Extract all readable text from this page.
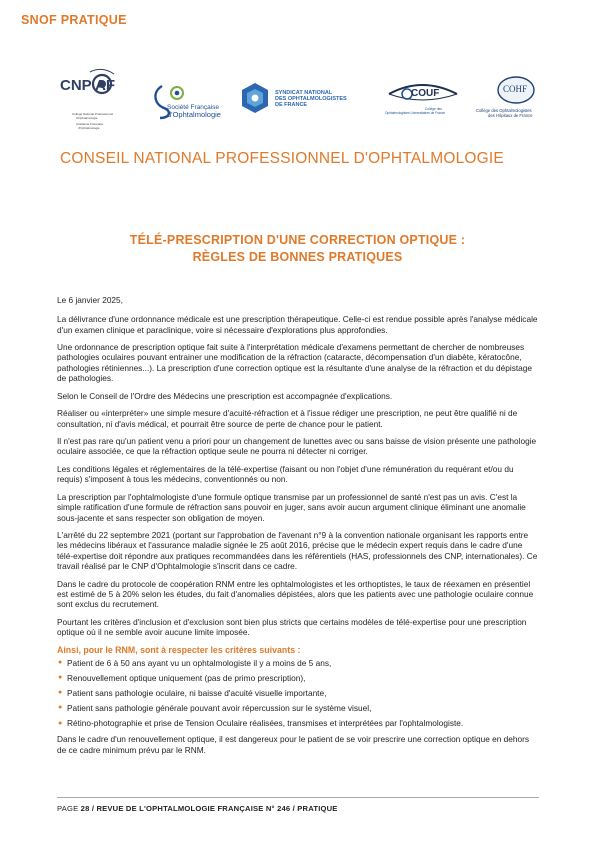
SNOF PRATIQUE
CNP AF
Collège National Professionnel
d'Ophtalmologie
Académie Française
d'Ophtalmologie
Société Française
d'Ophtalmologie
SYNDICAT NATIONAL
DES OPHTALMOLOGISTES
DE FRANCE
COUF
Collège des
Ophtalmologistes Universitaires de France
COHF
Collège des Ophtalmologistes
des Hôpitaux de France
CONSEIL NATIONAL PROFESSIONNEL D'OPHTALMOLOGIE
TÉLÉ-PRESCRIPTION D'UNE CORRECTION OPTIQUE :
RÈGLES DE BONNES PRATIQUES

Le 6 janvier 2025,

La délivrance d'une ordonnance médicale est une prescription thérapeutique. Celle-ci est rendue possible après l'analyse médicale d'un examen clinique et paraclinique, voire si nécessaire d'explorations plus approfondies.

Une ordonnance de prescription optique fait suite à l'interprétation médicale d'examens permettant de chercher de nombreuses pathologies oculaires pouvant entrainer une modification de la réfraction (cataracte, décompensation d'un diabète, kératocône, pathologies rétiniennes...). La prescription d'une correction optique est la résultante d'une analyse de la réfraction et du dépistage de pathologies.

Selon le Conseil de l'Ordre des Médecins une prescription est accompagnée d'explications.

Réaliser ou «interpréter» une simple mesure d'acuité-réfraction et à l'issue rédiger une prescription, ne peut être qualifié ni de consultation, ni d'avis médical, et pourrait être source de perte de chance pour le patient.

Il n'est pas rare qu'un patient venu a priori pour un changement de lunettes avec ou sans baisse de vision présente une pathologie oculaire associée, ce que la réfraction optique seule ne pourra ni détecter ni corriger.

Les conditions légales et réglementaires de la télé-expertise (faisant ou non l'objet d'une rémunération du requérant et/ou du requis) s'imposent à tous les médecins, conventionnés ou non.

La prescription par l'ophtalmologiste d'une formule optique transmise par un professionnel de santé n'est pas un avis. C'est la simple ratification d'une formule de réfraction sans pouvoir en juger, sans avoir aucun argument clinique éliminant une anomalie sous-jacente et sans respecter son obligation de moyen.

L'arrêté du 22 septembre 2021 (portant sur l'approbation de l'avenant n°9 à la convention nationale organisant les rapports entre les médecins libéraux et l'assurance maladie signée le 25 août 2016, précise que le médecin expert requis dans le cadre d'une télé-expertise doit répondre aux pratiques recommandées dans les référentiels (HAS, professionnels des CNP, internationales). Ce travail réalisé par le CNP d'Ophtalmologie s'inscrit dans ce cadre.

Dans le cadre du protocole de coopération RNM entre les ophtalmologistes et les orthoptistes, le taux de réexamen en présentiel est estimé de 5 à 20% selon les études, du fait d'anomalies dépistées, alors que les patients avec une pathologie oculaire connue sont exclus du recrutement.

Pourtant les critères d'inclusion et d'exclusion sont bien plus stricts que certains modèles de télé-expertise pour une prescription optique où il ne semble avoir aucune limite imposée.

Ainsi, pour le RNM, sont à respecter les critères suivants :
● Patient de 6 à 50 ans ayant vu un ophtalmologiste il y a moins de 5 ans,
● Renouvellement optique uniquement (pas de primo prescription),
● Patient sans pathologie oculaire, ni baisse d'acuité visuelle importante,
● Patient sans pathologie générale pouvant avoir répercussion sur le système visuel,
● Rétino-photographie et prise de Tension Oculaire réalisées, transmises et interprétées par l'ophtalmologiste.

Dans le cadre d'un renouvellement optique, il est dangereux pour le patient de se voir prescrire une correction optique en dehors de ce cadre minimum prévu par le RNM.

PAGE 28 / REVUE DE L'OPHTALMOLOGIE FRANÇAISE N° 246 / PRATIQUE
